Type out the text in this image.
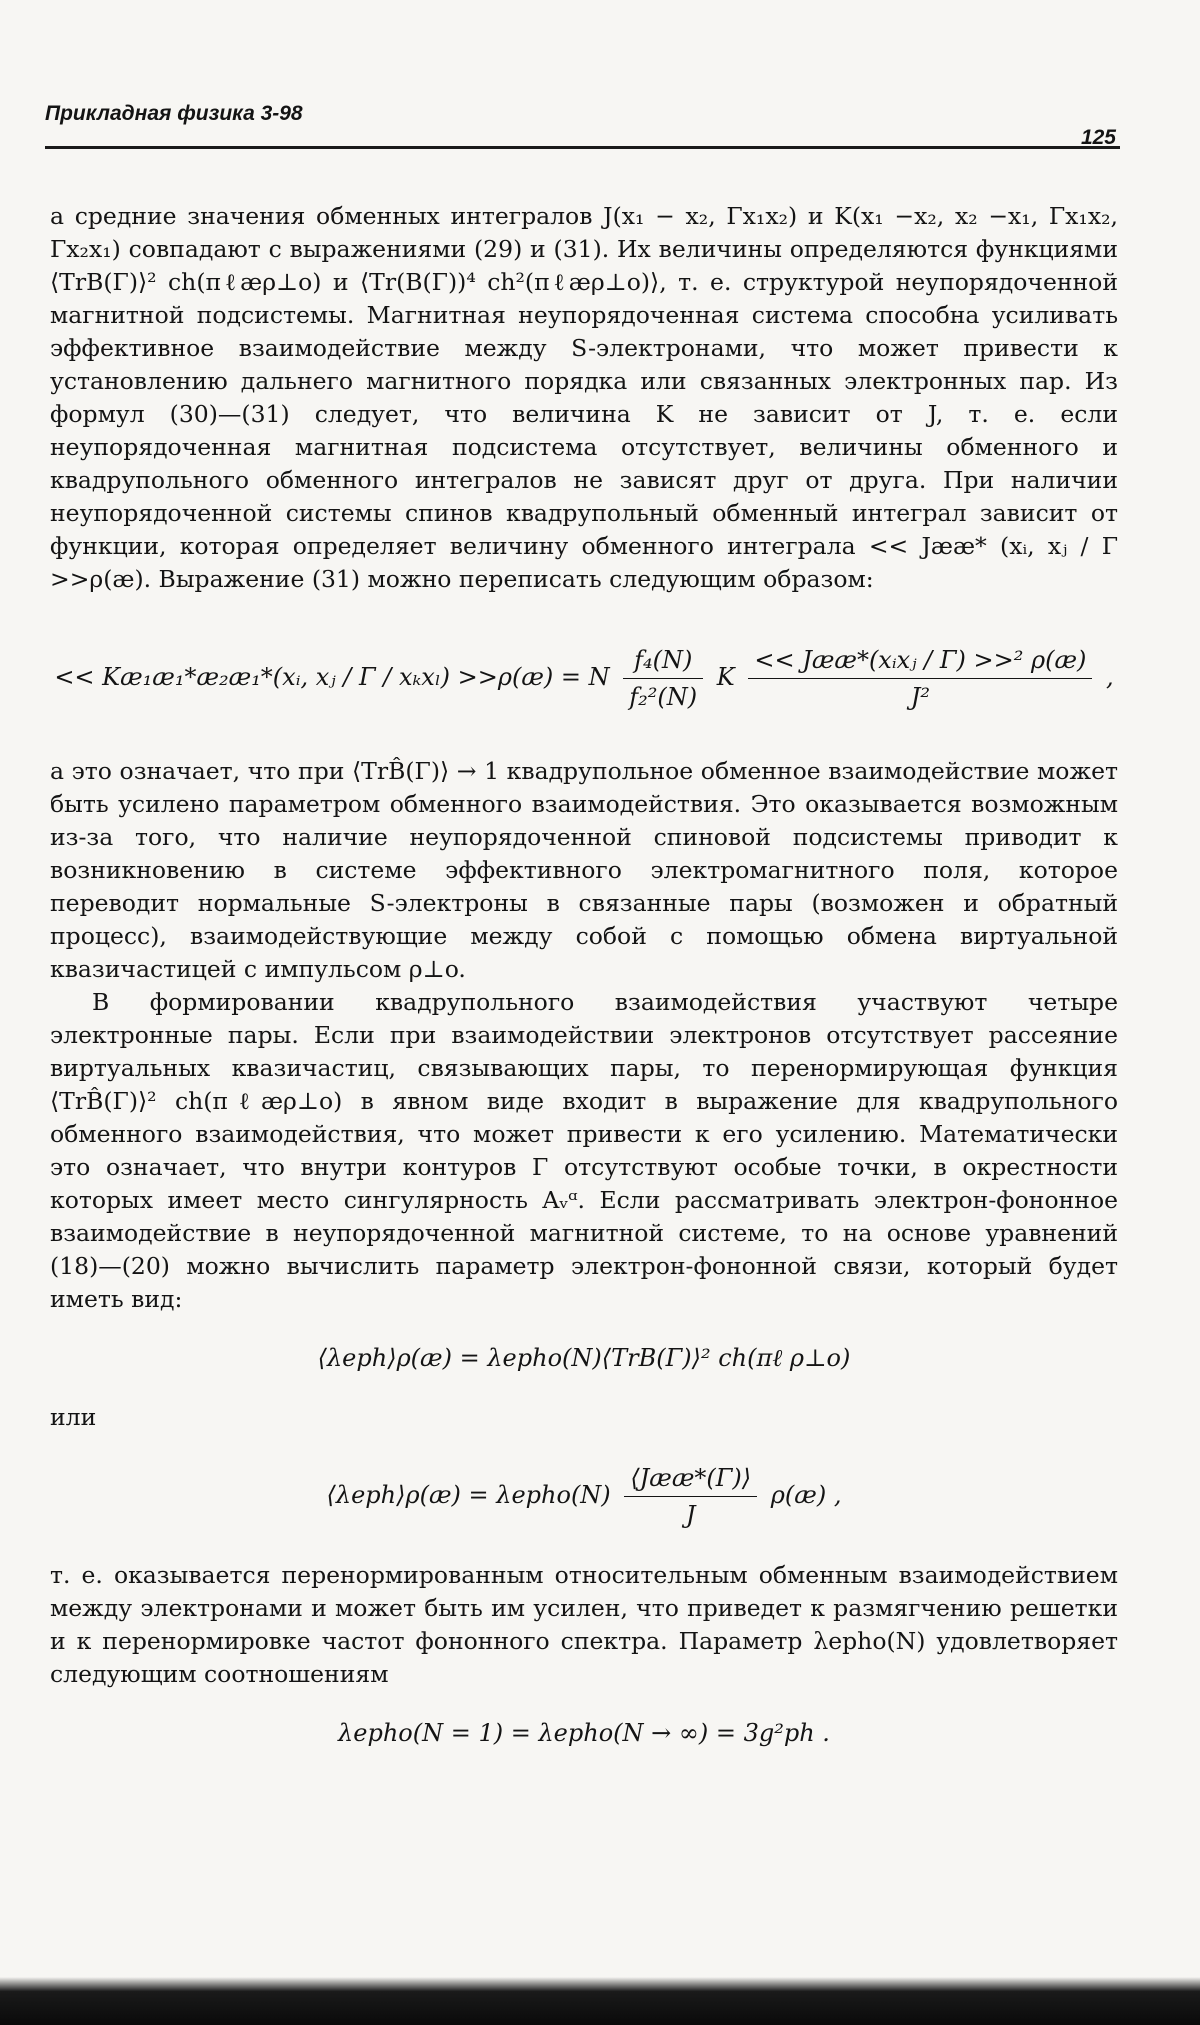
Прикладная физика 3-98
125

а средние значения обменных интегралов J(x₁ − x₂, Γx₁x₂) и K(x₁ −x₂, x₂ −x₁, Γx₁x₂, Γx₂x₁) совпадают с выражениями (29) и (31). Их величины определяются функциями ⟨TrB(Γ)⟩² ch(πℓæρ⊥o) и ⟨Tr(B(Γ))⁴ ch²(πℓæρ⊥o)⟩, т. е. структурой неупорядоченной магнитной подсистемы. Магнитная неупорядоченная система способна усиливать эффективное взаимодействие между S-электронами, что может привести к установлению дальнего магнитного порядка или связанных электронных пар. Из формул (30)—(31) следует, что величина K не зависит от J, т. е. если неупорядоченная магнитная подсистема отсутствует, величины обменного и квадрупольного обменного интегралов не зависят друг от друга. При наличии неупорядоченной системы спинов квадрупольный обменный интеграл зависит от функции, которая определяет величину обменного интеграла << Jææ* (xᵢ, xⱼ / Γ >>ρ(æ). Выражение (31) можно переписать следующим образом:

<< Kæ₁æ₁*æ₂æ₁*(xᵢ, xⱼ / Γ / xₖxₗ) >>ρ(æ) = N $\frac{\text{f₄(N)}}{\text{f₂²(N)}}$ K $\frac{\text{<< Jææ*(xᵢxⱼ / Γ) >>² ρ(æ)}}{\text{J²}}$ ,

а это означает, что при ⟨TrB̂(Γ)⟩ → 1 квадрупольное обменное взаимодействие может быть усилено параметром обменного взаимодействия. Это оказывается возможным из-за того, что наличие неупорядоченной спиновой подсистемы приводит к возникновению в системе эффективного электромагнитного поля, которое переводит нормальные S-электроны в связанные пары (возможен и обратный процесс), взаимодействующие между собой с помощью обмена виртуальной квазичастицей с импульсом ρ⊥o.

В формировании квадрупольного взаимодействия участвуют четыре электронные пары. Если при взаимодействии электронов отсутствует рассеяние виртуальных квазичастиц, связывающих пары, то перенормирующая функция ⟨TrB̂(Γ)⟩² ch(πℓæρ⊥o) в явном виде входит в выражение для квадрупольного обменного взаимодействия, что может привести к его усилению. Математически это означает, что внутри контуров Γ отсутствуют особые точки, в окрестности которых имеет место сингулярность Aᵥᵅ. Если рассматривать электрон-фононное взаимодействие в неупорядоченной магнитной системе, то на основе уравнений (18)—(20) можно вычислить параметр электрон-фононной связи, который будет иметь вид:

⟨λeph⟩ρ(æ) = λepho(N)⟨TrB(Γ)⟩² ch(πℓ ρ⊥o)

или

⟨λeph⟩ρ(æ) = λepho(N) $\frac{\text{⟨Jææ*(Γ)⟩}}{J}$ ρ(æ) ,

т. е. оказывается перенормированным относительным обменным взаимодействием между электронами и может быть им усилен, что приведет к размягчению решетки и к перенормировке частот фононного спектра. Параметр λepho(N) удовлетворяет следующим соотношениям

λepho(N = 1) = λepho(N → ∞) = 3g²ph .
